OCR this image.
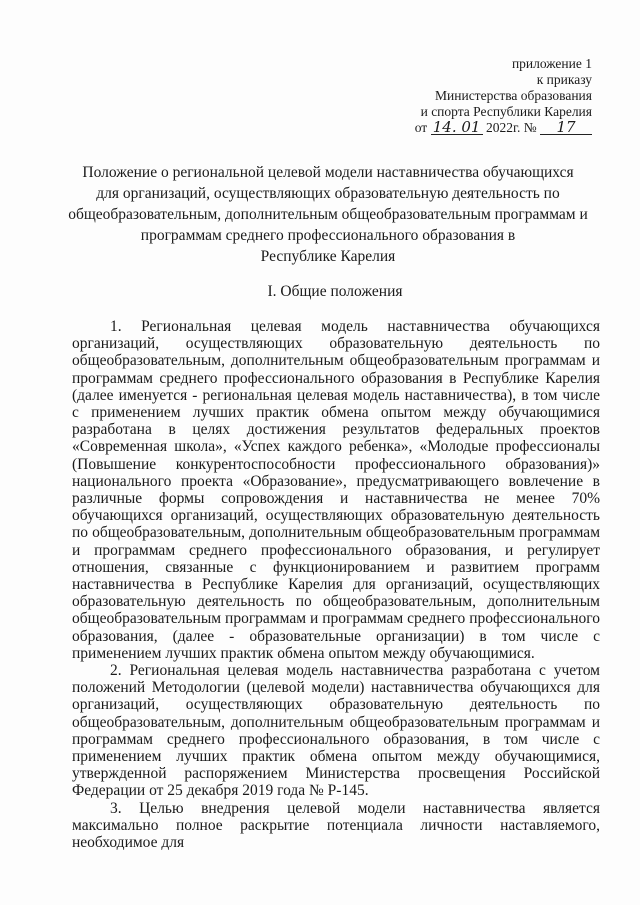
приложение 1
к приказу
Министерства образования
и спорта Республики Карелия
от 14. 01 2022г. № 17
Положение о региональной целевой модели наставничества обучающихся
для организаций, осуществляющих образовательную деятельность по
общеобразовательным, дополнительным общеобразовательным программам и
программам среднего профессионального образования в
Республике Карелия
I. Общие положения

1. Региональная целевая модель наставничества обучающихся организаций, осуществляющих образовательную деятельность по общеобразовательным, дополнительным общеобразовательным программам и программам среднего профессионального образования в Республике Карелия (далее именуется - региональная целевая модель наставничества), в том числе с применением лучших практик обмена опытом между обучающимися разработана в целях достижения результатов федеральных проектов «Современная школа», «Успех каждого ребенка», «Молодые профессионалы (Повышение конкурентоспособности профессионального образования)» национального проекта «Образование», предусматривающего вовлечение в различные формы сопровождения и наставничества не менее 70% обучающихся организаций, осуществляющих образовательную деятельность по общеобразовательным, дополнительным общеобразовательным программам и программам среднего профессионального образования, и регулирует отношения, связанные с функционированием и развитием программ наставничества в Республике Карелия для организаций, осуществляющих образовательную деятельность по общеобразовательным, дополнительным общеобразовательным программам и программам среднего профессионального образования, (далее - образовательные организации) в том числе с применением лучших практик обмена опытом между обучающимися.

2. Региональная целевая модель наставничества разработана с учетом положений Методологии (целевой модели) наставничества обучающихся для организаций, осуществляющих образовательную деятельность по общеобразовательным, дополнительным общеобразовательным программам и программам среднего профессионального образования, в том числе с применением лучших практик обмена опытом между обучающимися, утвержденной распоряжением Министерства просвещения Российской Федерации от 25 декабря 2019 года № Р-145.

3. Целью внедрения целевой модели наставничества является максимально полное раскрытие потенциала личности наставляемого, необходимое для
